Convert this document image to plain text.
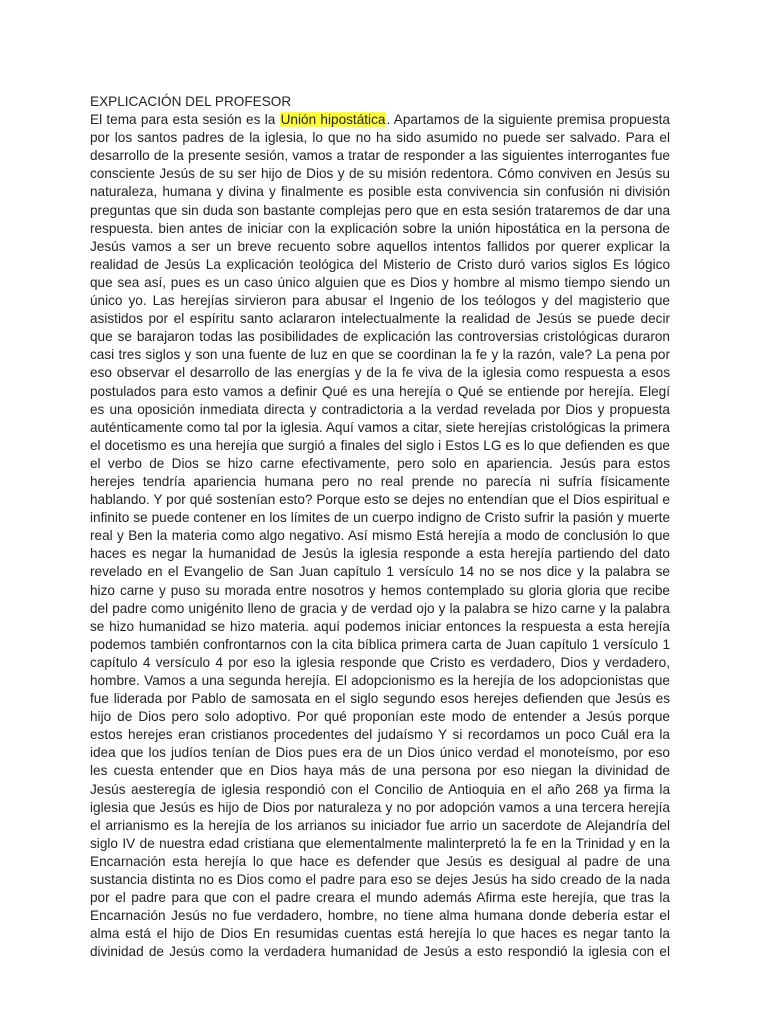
EXPLICACIÓN DEL PROFESOR
El tema para esta sesión es la Unión hipostática. Apartamos de la siguiente premisa propuesta
por los santos padres de la iglesia, lo que no ha sido asumido no puede ser salvado. Para el
desarrollo de la presente sesión, vamos a tratar de responder a las siguientes interrogantes fue
consciente Jesús de su ser hijo de Dios y de su misión redentora. Cómo conviven en Jesús su
naturaleza, humana y divina y finalmente es posible esta convivencia sin confusión ni división
preguntas que sin duda son bastante complejas pero que en esta sesión trataremos de dar una
respuesta. bien antes de iniciar con la explicación sobre la unión hipostática en la persona de
Jesús vamos a ser un breve recuento sobre aquellos intentos fallidos por querer explicar la
realidad de Jesús La explicación teológica del Misterio de Cristo duró varios siglos Es lógico
que sea así, pues es un caso único alguien que es Dios y hombre al mismo tiempo siendo un
único yo. Las herejías sirvieron para abusar el Ingenio de los teólogos y del magisterio que
asistidos por el espíritu santo aclararon intelectualmente la realidad de Jesús se puede decir
que se barajaron todas las posibilidades de explicación las controversias cristológicas duraron
casi tres siglos y son una fuente de luz en que se coordinan la fe y la razón, vale? La pena por
eso observar el desarrollo de las energías y de la fe viva de la iglesia como respuesta a esos
postulados para esto vamos a definir Qué es una herejía o Qué se entiende por herejía. Elegí
es una oposición inmediata directa y contradictoria a la verdad revelada por Dios y propuesta
auténticamente como tal por la iglesia. Aquí vamos a citar, siete herejías cristológicas la primera
el docetismo es una herejía que surgió a finales del siglo i Estos LG es lo que defienden es que
el verbo de Dios se hizo carne efectivamente, pero solo en apariencia. Jesús para estos
herejes tendría apariencia humana pero no real prende no parecía ni sufría físicamente
hablando. Y por qué sostenían esto? Porque esto se dejes no entendían que el Dios espiritual e
infinito se puede contener en los límites de un cuerpo indigno de Cristo sufrir la pasión y muerte
real y Ben la materia como algo negativo. Así mismo Está herejía a modo de conclusión lo que
haces es negar la humanidad de Jesús la iglesia responde a esta herejía partiendo del dato
revelado en el Evangelio de San Juan capítulo 1 versículo 14 no se nos dice y la palabra se
hizo carne y puso su morada entre nosotros y hemos contemplado su gloria gloria que recibe
del padre como unigénito lleno de gracia y de verdad ojo y la palabra se hizo carne y la palabra
se hizo humanidad se hizo materia. aquí podemos iniciar entonces la respuesta a esta herejía
podemos también confrontarnos con la cita bíblica primera carta de Juan capítulo 1 versículo 1
capítulo 4 versículo 4 por eso la iglesia responde que Cristo es verdadero, Dios y verdadero,
hombre. Vamos a una segunda herejía. El adopcionismo es la herejía de los adopcionistas que
fue liderada por Pablo de samosata en el siglo segundo esos herejes defienden que Jesús es
hijo de Dios pero solo adoptivo. Por qué proponían este modo de entender a Jesús porque
estos herejes eran cristianos procedentes del judaísmo Y si recordamos un poco Cuál era la
idea que los judíos tenían de Dios pues era de un Dios único verdad el monoteísmo, por eso
les cuesta entender que en Dios haya más de una persona por eso niegan la divinidad de
Jesús aesteregía de iglesia respondió con el Concilio de Antioquia en el año 268 ya firma la
iglesia que Jesús es hijo de Dios por naturaleza y no por adopción vamos a una tercera herejía
el arrianismo es la herejía de los arrianos su iniciador fue arrio un sacerdote de Alejandría del
siglo IV de nuestra edad cristiana que elementalmente malinterpretó la fe en la Trinidad y en la
Encarnación esta herejía lo que hace es defender que Jesús es desigual al padre de una
sustancia distinta no es Dios como el padre para eso se dejes Jesús ha sido creado de la nada
por el padre para que con el padre creara el mundo además Afirma este herejía, que tras la
Encarnación Jesús no fue verdadero, hombre, no tiene alma humana donde debería estar el
alma está el hijo de Dios En resumidas cuentas está herejía lo que haces es negar tanto la
divinidad de Jesús como la verdadera humanidad de Jesús a esto respondió la iglesia con el
